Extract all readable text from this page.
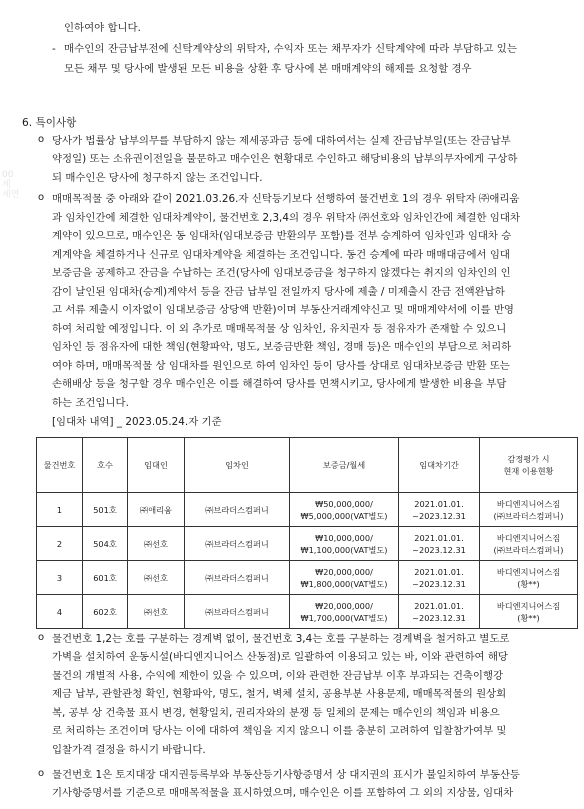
00
세
세연
인하여야 합니다.
- 매수인의 잔금납부전에 신탁계약상의 위탁자, 수익자 또는 채무자가 신탁계약에 따라 부담하고 있는
모든 채무 및 당사에 발생된 모든 비용을 상환 후 당사에 본 매매계약의 해제를 요청할 경우
6. 특이사항
o 당사가 법률상 납부의무를 부담하지 않는 제세공과금 등에 대하여서는 실제 잔금납부일(또는 잔금납부
약정일) 또는 소유권이전일을 불문하고 매수인은 현황대로 수인하고 해당비용의 납부의무자에게 구상하
되 매수인은 당사에 청구하지 않는 조건입니다.
o 매매목적물 중 아래와 같이 2021.03.26.자 신탁등기보다 선행하여 물건번호 1의 경우 위탁자 ㈜애리움
과 임차인간에 체결한 임대차계약이, 물건번호 2,3,4의 경우 위탁자 ㈜선호와 임차인간에 체결한 임대차
계약이 있으므로, 매수인은 동 임대차(임대보증금 반환의무 포함)를 전부 승계하여 임차인과 임대차 승
계계약을 체결하거나 신규로 임대차계약을 체결하는 조건입니다. 동건 승계에 따라 매매대금에서 임대
보증금을 공제하고 잔금을 수납하는 조건(당사에 임대보증금을 청구하지 않겠다는 취지의 임차인의 인
감이 날인된 임대차(승계)계약서 등을 잔금 납부일 전일까지 당사에 제출 / 미제출시 잔금 전액완납하
고 서류 제출시 이자없이 임대보증금 상당액 반환)이며 부동산거래계약신고 및 매매계약서에 이를 반영
하여 처리할 예정입니다. 이 외 추가로 매매목적물 상 임차인, 유치권자 등 점유자가 존재할 수 있으니
임차인 등 점유자에 대한 책임(현황파악, 명도, 보증금반환 책임, 경매 등)은 매수인의 부담으로 처리하
여야 하며, 매매목적물 상 임대차를 원인으로 하여 임차인 등이 당사를 상대로 임대차보증금 반환 또는
손해배상 등을 청구할 경우 매수인은 이를 해결하여 당사를 면책시키고, 당사에게 발생한 비용을 부담
하는 조건입니다.
[임대차 내역] _ 2023.05.24.자 기준
물건번호	호수	임대인	임차인	보증금/월세	임대차기간	감정평가 시
현재 이용현황
1	501호	㈜애리움	㈜브라더스컴퍼니	₩50,000,000/
₩5,000,000(VAT별도)	2021.01.01.
~2023.12.31	바디엔지니어스짐
(㈜브라더스컴퍼니)
2	504호	㈜선호	㈜브라더스컴퍼니	₩10,000,000/
₩1,100,000(VAT별도)	2021.01.01.
~2023.12.31	바디엔지니어스짐
(㈜브라더스컴퍼니)
3	601호	㈜선호	㈜브라더스컴퍼니	₩20,000,000/
₩1,800,000(VAT별도)	2021.01.01.
~2023.12.31	바디엔지니어스짐
(황**)
4	602호	㈜선호	㈜브라더스컴퍼니	₩20,000,000/
₩1,700,000(VAT별도)	2021.01.01.
~2023.12.31	바디엔지니어스짐
(황**)
o 물건번호 1,2는 호를 구분하는 경계벽 없이, 물건번호 3,4는 호를 구분하는 경계벽을 철거하고 별도로
가벽을 설치하여 운동시설(바디엔지니어스 산동점)로 일괄하여 이용되고 있는 바, 이와 관련하여 해당
물건의 개별적 사용, 수익에 제한이 있을 수 있으며, 이와 관련한 잔금납부 이후 부과되는 건축이행강
제금 납부, 관할관청 확인, 현황파악, 명도, 철거, 벽체 설치, 공용부분 사용문제, 매매목적물의 원상회
복, 공부 상 건축물 표시 변경, 현황일치, 권리자와의 분쟁 등 일체의 문제는 매수인의 책임과 비용으
로 처리하는 조건이며 당사는 이에 대하여 책임을 지지 않으니 이를 충분히 고려하여 입찰참가여부 및
입찰가격 결정을 하시기 바랍니다.
o 물건번호 1은 토지대장 대지권등록부와 부동산등기사항증명서 상 대지권의 표시가 불일치하여 부동산등
기사항증명서를 기준으로 매매목적물을 표시하였으며, 매수인은 이를 포함하여 그 외의 지상물, 임대차
